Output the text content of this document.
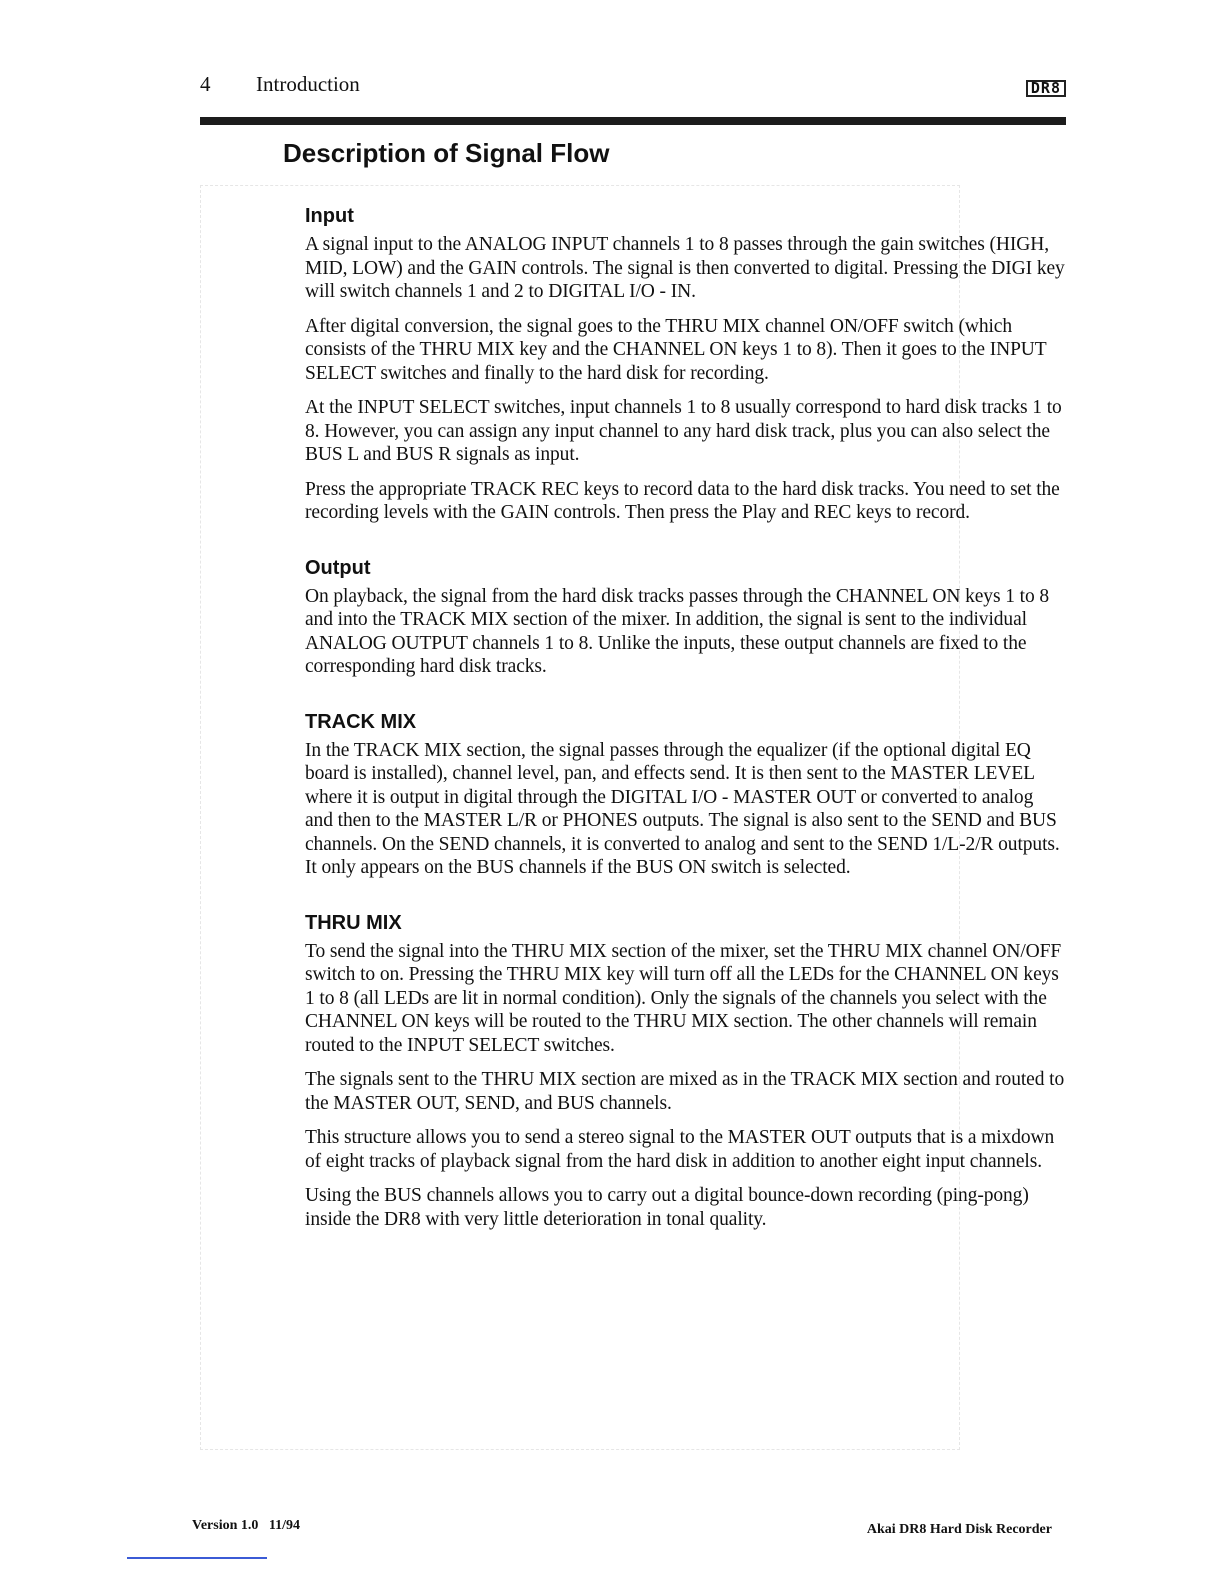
4 Introduction	DR8
Description of Signal Flow
Input

A signal input to the ANALOG INPUT channels 1 to 8 passes through the gain switches (HIGH, MID, LOW) and the GAIN controls. The signal is then converted to digital. Pressing the DIGI key will switch channels 1 and 2 to DIGITAL I/O - IN.

After digital conversion, the signal goes to the THRU MIX channel ON/OFF switch (which consists of the THRU MIX key and the CHANNEL ON keys 1 to 8). Then it goes to the INPUT SELECT switches and finally to the hard disk for recording.

At the INPUT SELECT switches, input channels 1 to 8 usually correspond to hard disk tracks 1 to 8. However, you can assign any input channel to any hard disk track, plus you can also select the BUS L and BUS R signals as input.

Press the appropriate TRACK REC keys to record data to the hard disk tracks. You need to set the recording levels with the GAIN controls. Then press the Play and REC keys to record.

Output

On playback, the signal from the hard disk tracks passes through the CHANNEL ON keys 1 to 8 and into the TRACK MIX section of the mixer. In addition, the signal is sent to the individual ANALOG OUTPUT channels 1 to 8. Unlike the inputs, these output channels are fixed to the corresponding hard disk tracks.

TRACK MIX

In the TRACK MIX section, the signal passes through the equalizer (if the optional digital EQ board is installed), channel level, pan, and effects send. It is then sent to the MASTER LEVEL where it is output in digital through the DIGITAL I/O - MASTER OUT or converted to analog and then to the MASTER L/R or PHONES outputs. The signal is also sent to the SEND and BUS channels. On the SEND channels, it is converted to analog and sent to the SEND 1/L-2/R outputs. It only appears on the BUS channels if the BUS ON switch is selected.

THRU MIX

To send the signal into the THRU MIX section of the mixer, set the THRU MIX channel ON/OFF switch to on. Pressing the THRU MIX key will turn off all the LEDs for the CHANNEL ON keys 1 to 8 (all LEDs are lit in normal condition). Only the signals of the channels you select with the CHANNEL ON keys will be routed to the THRU MIX section. The other channels will remain routed to the INPUT SELECT switches.

The signals sent to the THRU MIX section are mixed as in the TRACK MIX section and routed to the MASTER OUT, SEND, and BUS channels.

This structure allows you to send a stereo signal to the MASTER OUT outputs that is a mixdown of eight tracks of playback signal from the hard disk in addition to another eight input channels.

Using the BUS channels allows you to carry out a digital bounce-down recording (ping-pong) inside the DR8 with very little deterioration in tonal quality.

Version 1.0   11/94	Akai DR8 Hard Disk Recorder
